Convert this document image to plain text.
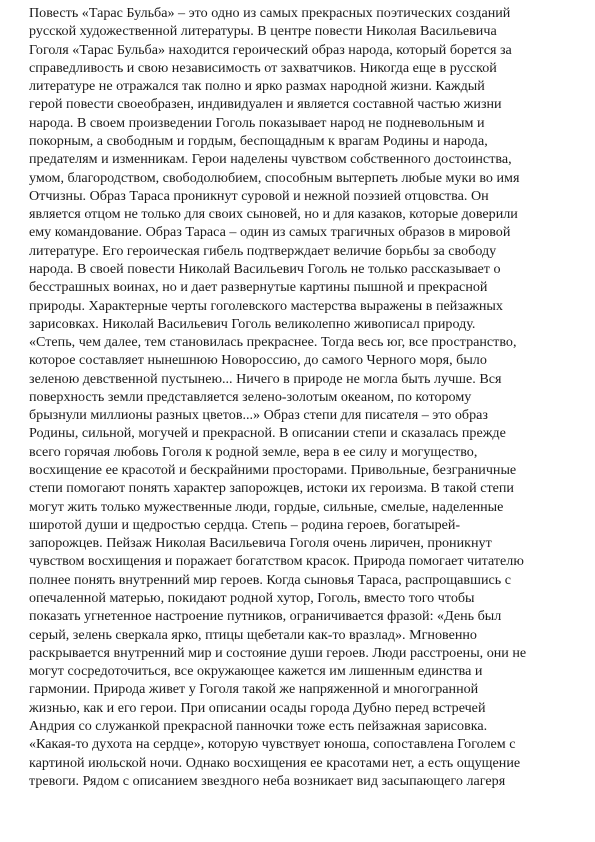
Повесть «Тарас Бульба» – это одно из самых прекрасных поэтических созданий
русской художественной литературы. В центре повести Николая Васильевича
Гоголя «Тарас Бульба» находится героический образ народа, который борется за
справедливость и свою независимость от захватчиков. Никогда еще в русской
литературе не отражался так полно и ярко размах народной жизни. Каждый
герой повести своеобразен, индивидуален и является составной частью жизни
народа. В своем произведении Гоголь показывает народ не подневольным и
покорным, а свободным и гордым, беспощадным к врагам Родины и народа,
предателям и изменникам. Герои наделены чувством собственного достоинства,
умом, благородством, свободолюбием, способным вытерпеть любые муки во имя
Отчизны. Образ Тараса проникнут суровой и нежной поэзией отцовства. Он
является отцом не только для своих сыновей, но и для казаков, которые доверили
ему командование. Образ Тараса – один из самых трагичных образов в мировой
литературе. Его героическая гибель подтверждает величие борьбы за свободу
народа. В своей повести Николай Васильевич Гоголь не только рассказывает о
бесстрашных воинах, но и дает развернутые картины пышной и прекрасной
природы. Характерные черты гоголевского мастерства выражены в пейзажных
зарисовках. Николай Васильевич Гоголь великолепно живописал природу.
«Степь, чем далее, тем становилась прекраснее. Тогда весь юг, все пространство,
которое составляет нынешнюю Новороссию, до самого Черного моря, было
зеленою девственной пустынею... Ничего в природе не могла быть лучше. Вся
поверхность земли представляется зелено-золотым океаном, по которому
брызнули миллионы разных цветов...» Образ степи для писателя – это образ
Родины, сильной, могучей и прекрасной. В описании степи и сказалась прежде
всего горячая любовь Гоголя к родной земле, вера в ее силу и могущество,
восхищение ее красотой и бескрайними просторами. Привольные, безграничные
степи помогают понять характер запорожцев, истоки их героизма. В такой степи
могут жить только мужественные люди, гордые, сильные, смелые, наделенные
широтой души и щедростью сердца. Степь – родина героев, богатырей-
запорожцев. Пейзаж Николая Васильевича Гоголя очень лиричен, проникнут
чувством восхищения и поражает богатством красок. Природа помогает читателю
полнее понять внутренний мир героев. Когда сыновья Тараса, распрощавшись с
опечаленной матерью, покидают родной хутор, Гоголь, вместо того чтобы
показать угнетенное настроение путников, ограничивается фразой: «День был
серый, зелень сверкала ярко, птицы щебетали как-то вразлад». Мгновенно
раскрывается внутренний мир и состояние души героев. Люди расстроены, они не
могут сосредоточиться, все окружающее кажется им лишенным единства и
гармонии. Природа живет у Гоголя такой же напряженной и многогранной
жизнью, как и его герои. При описании осады города Дубно перед встречей
Андрия со служанкой прекрасной панночки тоже есть пейзажная зарисовка.
«Какая-то духота на сердце», которую чувствует юноша, сопоставлена Гоголем с
картиной июльской ночи. Однако восхищения ее красотами нет, а есть ощущение
тревоги. Рядом с описанием звездного неба возникает вид засыпающего лагеря
